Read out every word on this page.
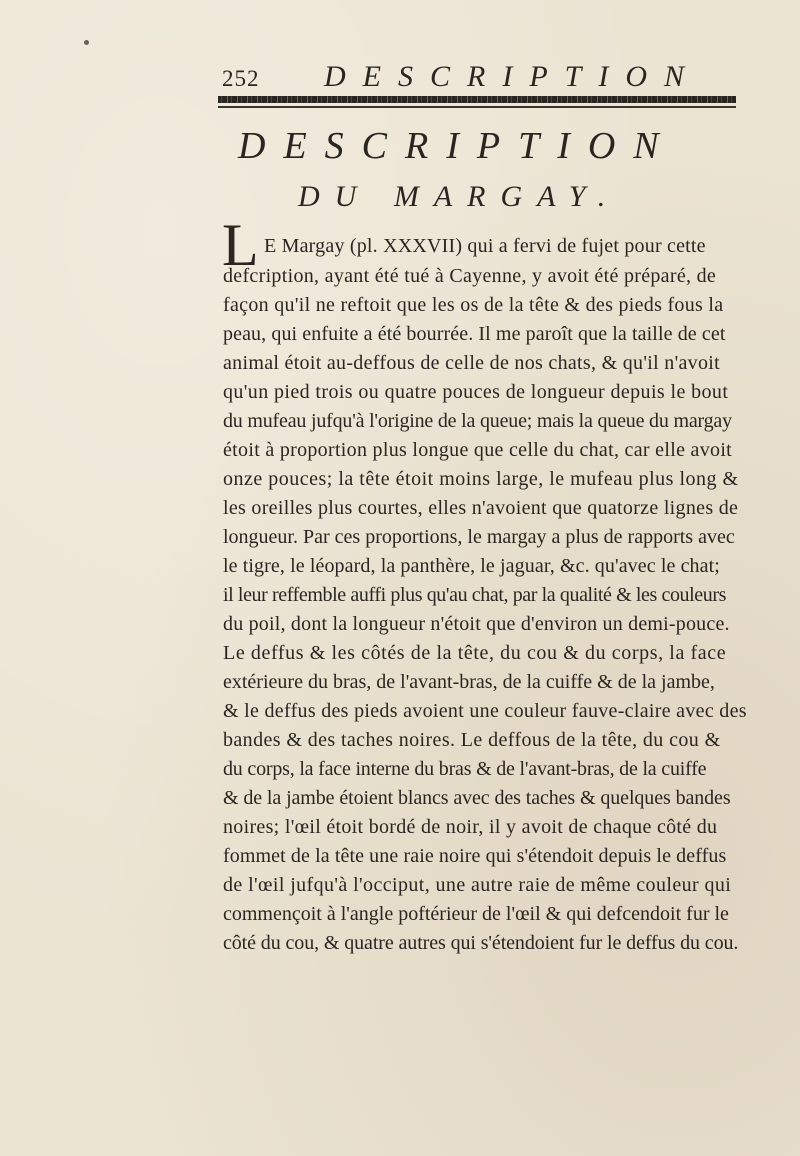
252 DESCRIPTION
DESCRIPTION
DU MARGAY.
L E Margay (pl. XXXVII) qui a fervi de fujet pour cette
defcription, ayant été tué à Cayenne, y avoit été préparé, de
façon qu'il ne reftoit que les os de la tête & des pieds fous la
peau, qui enfuite a été bourrée. Il me paroît que la taille de cet
animal étoit au-deffous de celle de nos chats, & qu'il n'avoit
qu'un pied trois ou quatre pouces de longueur depuis le bout
du mufeau jufqu'à l'origine de la queue; mais la queue du margay
étoit à proportion plus longue que celle du chat, car elle avoit
onze pouces; la tête étoit moins large, le mufeau plus long &
les oreilles plus courtes, elles n'avoient que quatorze lignes de
longueur. Par ces proportions, le margay a plus de rapports avec
le tigre, le léopard, la panthère, le jaguar, &c. qu'avec le chat;
il leur reffemble auffi plus qu'au chat, par la qualité & les couleurs
du poil, dont la longueur n'étoit que d'environ un demi-pouce.
Le deffus & les côtés de la tête, du cou & du corps, la face
extérieure du bras, de l'avant-bras, de la cuiffe & de la jambe,
& le deffus des pieds avoient une couleur fauve-claire avec des
bandes & des taches noires. Le deffous de la tête, du cou &
du corps, la face interne du bras & de l'avant-bras, de la cuiffe
& de la jambe étoient blancs avec des taches & quelques bandes
noires; l'œil étoit bordé de noir, il y avoit de chaque côté du
fommet de la tête une raie noire qui s'étendoit depuis le deffus
de l'œil jufqu'à l'occiput, une autre raie de même couleur qui
commençoit à l'angle poftérieur de l'œil & qui defcendoit fur le
côté du cou, & quatre autres qui s'étendoient fur le deffus du cou.
